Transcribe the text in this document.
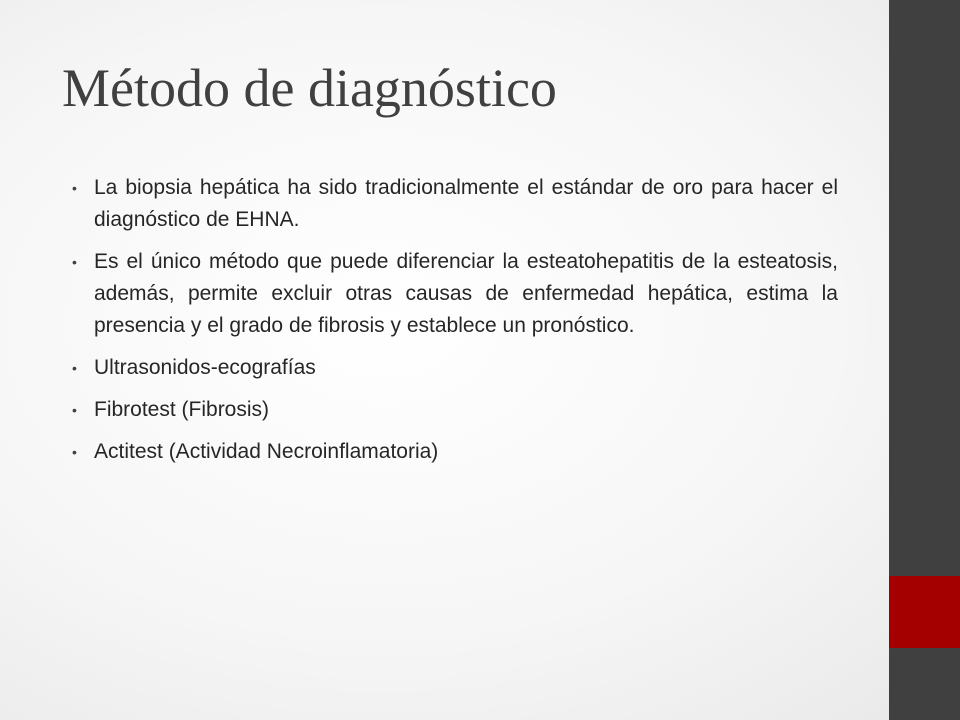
Método de diagnóstico
• La biopsia hepática ha sido tradicionalmente el estándar de oro para hacer el diagnóstico de EHNA.
• Es el único método que puede diferenciar la esteatohepatitis de la esteatosis, además, permite excluir otras causas de enfermedad hepática, estima la presencia y el grado de fibrosis y establece un pronóstico.
• Ultrasonidos-ecografías
• Fibrotest (Fibrosis)
• Actitest (Actividad Necroinflamatoria)
